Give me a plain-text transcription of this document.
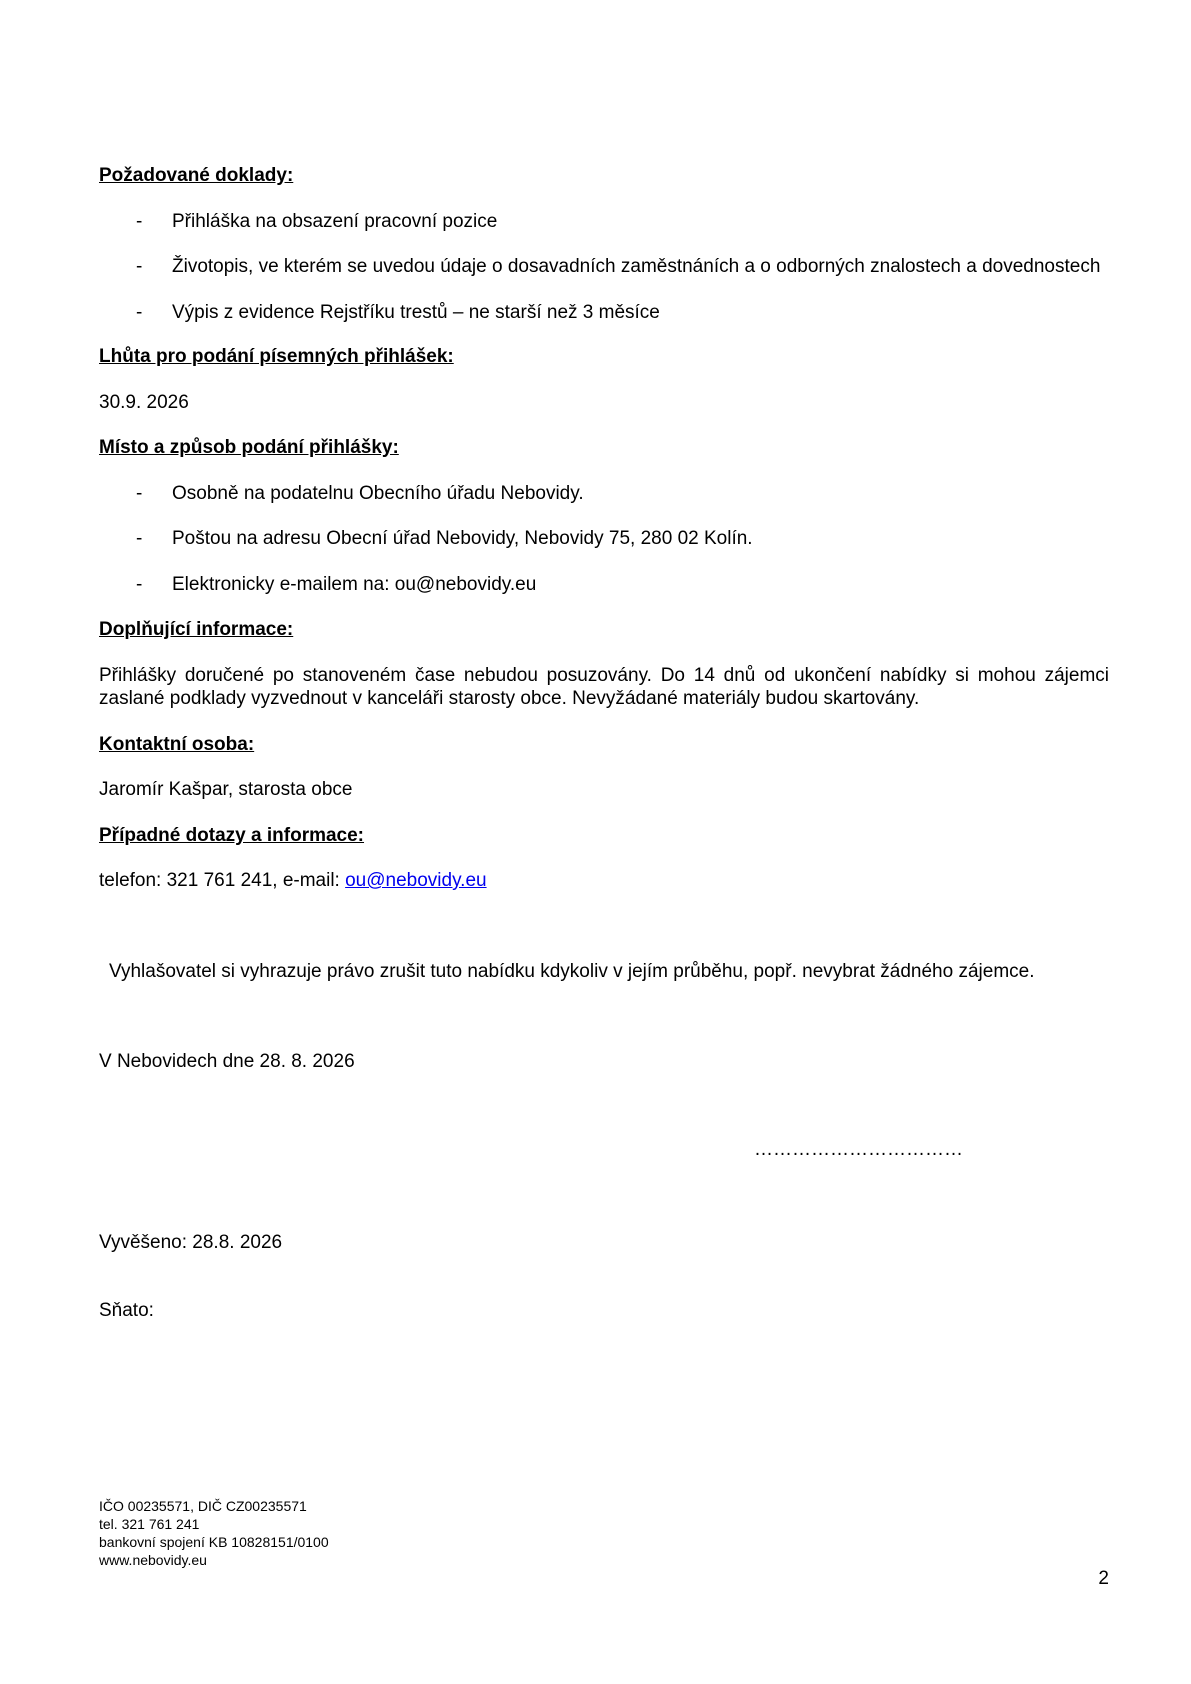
Požadované doklady:
- Přihláška na obsazení pracovní pozice
- Životopis, ve kterém se uvedou údaje o dosavadních zaměstnáních a o odborných znalostech a dovednostech
- Výpis z evidence Rejstříku trestů – ne starší než 3 měsíce
Lhůta pro podání písemných přihlášek:
30.9. 2026
Místo a způsob podání přihlášky:
- Osobně na podatelnu Obecního úřadu Nebovidy.
- Poštou na adresu Obecní úřad Nebovidy, Nebovidy 75, 280 02 Kolín.
- Elektronicky e-mailem na: ou@nebovidy.eu
Doplňující informace:
Přihlášky doručené po stanoveném čase nebudou posuzovány. Do 14 dnů od ukončení nabídky si mohou zájemci zaslané podklady vyzvednout v kanceláři starosty obce. Nevyžádané materiály budou skartovány.
Kontaktní osoba:
Jaromír Kašpar, starosta obce
Případné dotazy a informace:
telefon: 321 761 241, e-mail: ou@nebovidy.eu
Vyhlašovatel si vyhrazuje právo zrušit tuto nabídku kdykoliv v jejím průběhu, popř. nevybrat žádného zájemce.
V Nebovidech dne 28. 8. 2026
……………………………
Vyvěšeno: 28.8. 2026
Sňato:
IČO 00235571, DIČ CZ00235571
tel. 321 761 241
bankovní spojení KB 10828151/0100
www.nebovidy.eu
2
